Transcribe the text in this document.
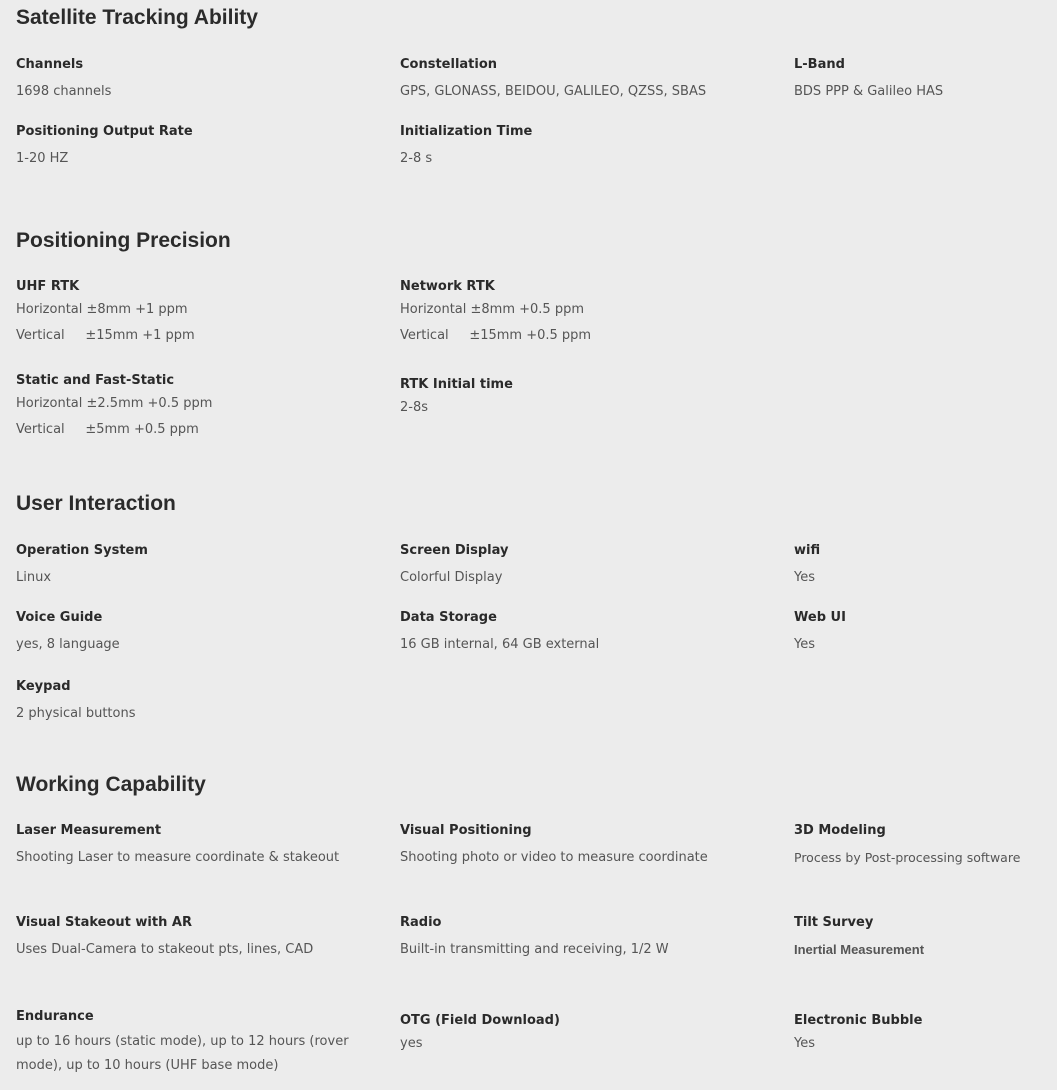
Satellite Tracking Ability
Channels
1698 channels
Constellation
GPS, GLONASS, BEIDOU, GALILEO, QZSS, SBAS
L-Band
BDS PPP & Galileo HAS
Positioning Output Rate
1-20 HZ
Initialization Time
2-8 s
Positioning Precision
UHF RTK
Horizontal ±8mm +1 ppm
Vertical     ±15mm +1 ppm
Network RTK
Horizontal ±8mm +0.5 ppm
Vertical     ±15mm +0.5 ppm
Static and Fast-Static
Horizontal ±2.5mm +0.5 ppm
Vertical     ±5mm +0.5 ppm
RTK Initial time
2-8s
User Interaction
Operation System
Linux
Screen Display
Colorful Display
wifi
Yes
Voice Guide
yes, 8 language
Data Storage
16 GB internal, 64 GB external
Web UI
Yes
Keypad
2 physical buttons
Working Capability
Laser Measurement
Shooting Laser to measure coordinate & stakeout
Visual Positioning
Shooting photo or video to measure coordinate
3D Modeling
Process by Post-processing software
Visual Stakeout with AR
Uses Dual-Camera to stakeout pts, lines, CAD
Radio
Built-in transmitting and receiving, 1/2 W
Tilt Survey
Inertial Measurement
Endurance
up to 16 hours (static mode), up to 12 hours (rover mode), up to 10 hours (UHF base mode)
OTG (Field Download)
yes
Electronic Bubble
Yes
